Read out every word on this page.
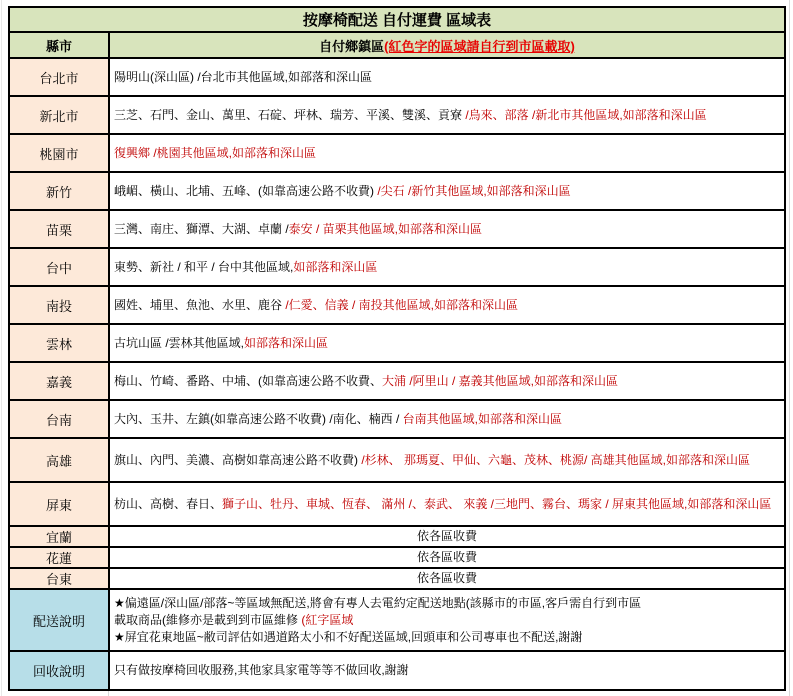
按摩椅配送 自付運費 區域表	
縣市	自付鄉鎮區(紅色字的區域請自行到市區載取)
台北市	陽明山(深山區) /台北市其他區域,如部落和深山區
新北市	三芝、石門、金山、萬里、石碇、坪林、瑞芳、平溪、雙溪、貢寮 /烏來、部落 /新北市其他區域,如部落和深山區
桃園市	復興鄉 /桃園其他區域,如部落和深山區
新竹	峨嵋、橫山、北埔、五峰、(如靠高速公路不收費) /尖石 /新竹其他區域,如部落和深山區
苗栗	三灣、南庄、獅潭、大湖、卓蘭 /泰安 / 苗栗其他區域,如部落和深山區
台中	東勢、新社 / 和平 / 台中其他區域,如部落和深山區
南投	國姓、埔里、魚池、水里、鹿谷 /仁愛、信義 / 南投其他區域,如部落和深山區
雲林	古坑山區 /雲林其他區域,如部落和深山區
嘉義	梅山、竹崎、番路、中埔、(如靠高速公路不收費、大浦 /阿里山 / 嘉義其他區域,如部落和深山區
台南	大內、玉井、左鎮(如靠高速公路不收費) /南化、楠西 / 台南其他區域,如部落和深山區
高雄	旗山、內門、美濃、高樹如靠高速公路不收費) /杉林、 那瑪夏、甲仙、六龜、茂林、桃源/ 高雄其他區域,如部落和深山區
屏東	枋山、高樹、春日、獅子山、牡丹、車城、恆春、 滿州 /、泰武、 來義 /三地門、霧台、瑪家 / 屏東其他區域,如部落和深山區
宜蘭	依各區收費
花蓮	依各區收費
台東	依各區收費
配送說明	★偏遠區/深山區/部落~等區域無配送,將會有專人去電約定配送地點(該縣市的市區,客戶需自行到市區
載取商品(維修亦是載到到市區維修 (紅字區域
★屏宜花東地區~敝司評估如遇道路太小和不好配送區域,回頭車和公司專車也不配送,謝謝

回收說明	只有做按摩椅回收服務,其他家具家電等等不做回收,謝謝
